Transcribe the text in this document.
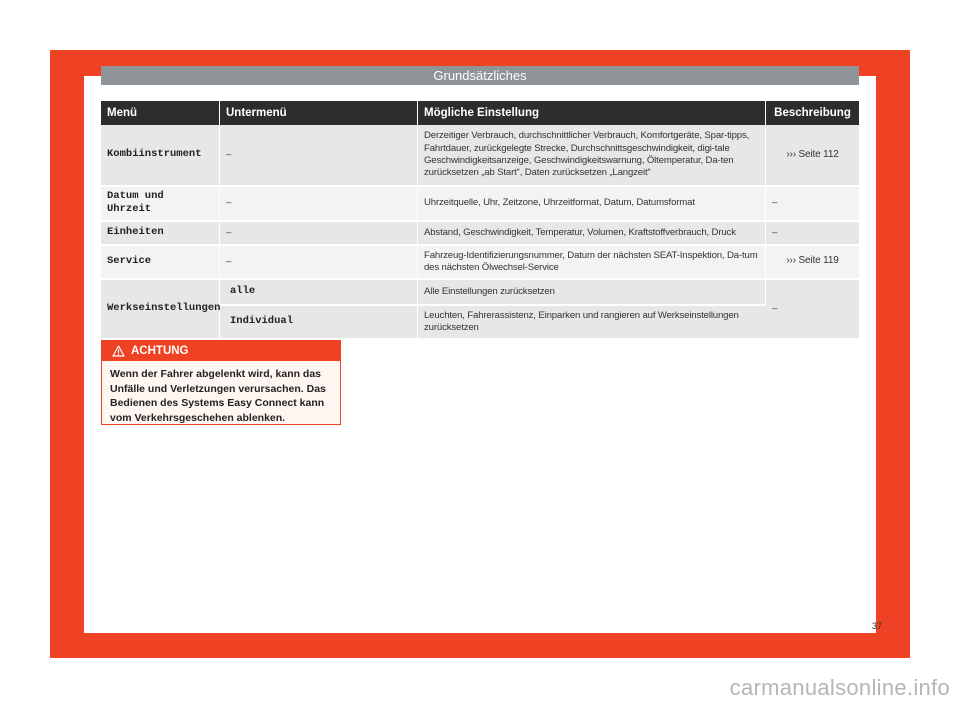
Grundsätzliches
Menü	Untermenü	Mögliche Einstellung	Beschreibung
Kombiinstrument	–	Derzeitiger Verbrauch, durchschnittlicher Verbrauch, Komfortgeräte, Spar-tipps, Fahrtdauer, zurückgelegte Strecke, Durchschnittsgeschwindigkeit, digi-tale Geschwindigkeitsanzeige, Geschwindigkeitswarnung, Öltemperatur, Da-ten zurücksetzen „ab Start“, Daten zurücksetzen „Langzeit“	››› Seite 112
Datum und Uhrzeit	–	Uhrzeitquelle, Uhr, Zeitzone, Uhrzeitformat, Datum, Datumsformat	–
Einheiten	–	Abstand, Geschwindigkeit, Temperatur, Volumen, Kraftstoffverbrauch, Druck	–
Service	–	Fahrzeug-Identifizierungsnummer, Datum der nächsten SEAT-Inspektion, Da-tum des nächsten Ölwechsel-Service	››› Seite 119
Werkseinstellungen	alle	Alle Einstellungen zurücksetzen	–
	Individual	Leuchten, Fahrerassistenz, Einparken und rangieren auf Werkseinstellungen zurücksetzen	
ACHTUNG
Wenn der Fahrer abgelenkt wird, kann das Unfälle und Verletzungen verursachen. Das Bedienen des Systems Easy Connect kann vom Verkehrsgeschehen ablenken.
37
carmanualsonline.info
